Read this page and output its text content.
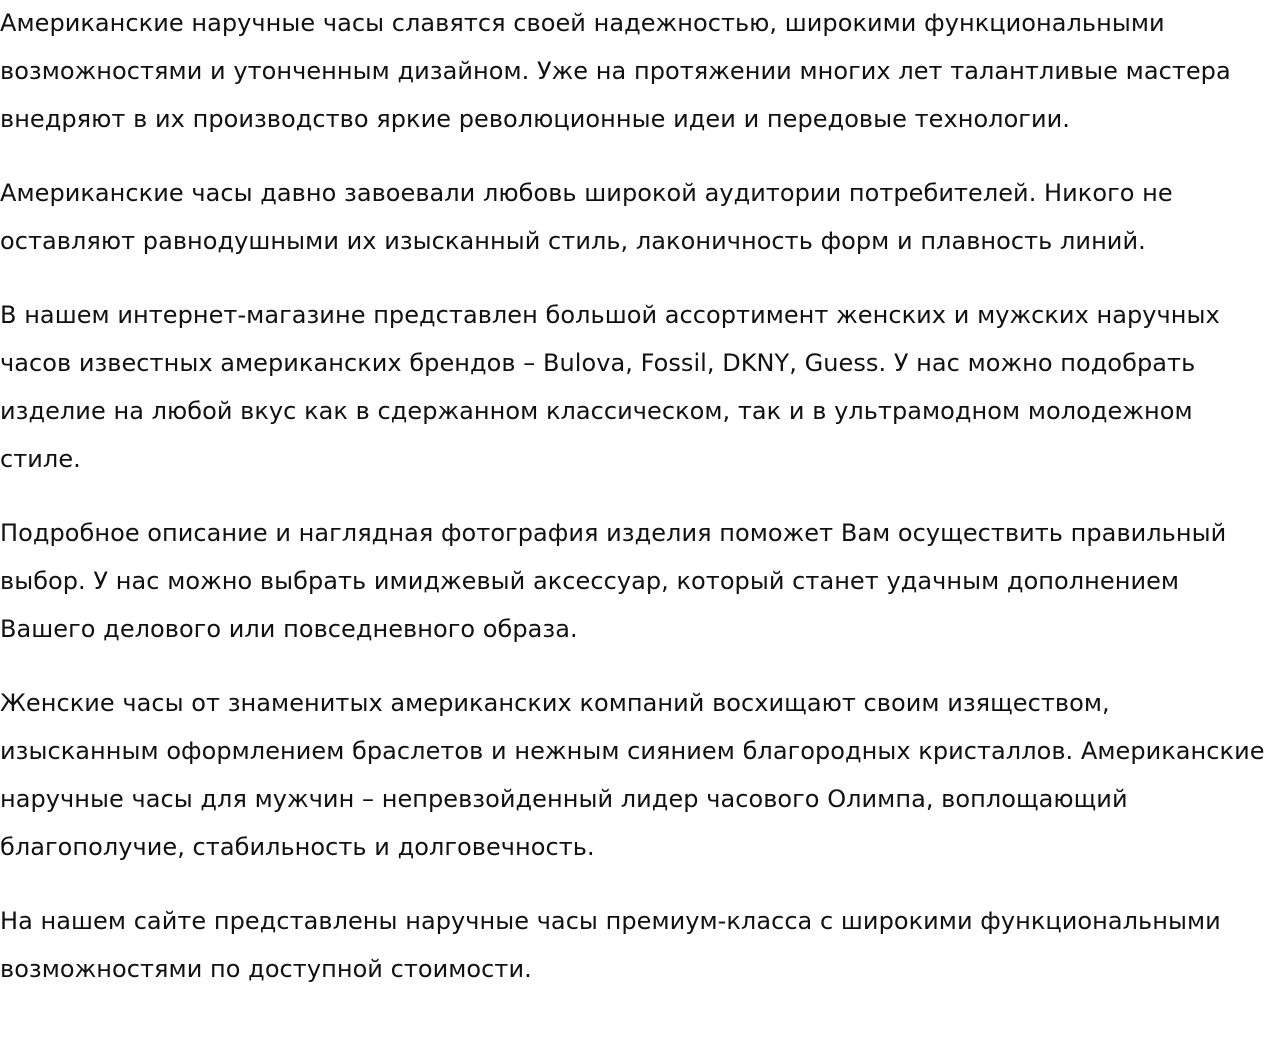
Американские наручные часы славятся своей надежностью, широкими функциональными возможностями и утонченным дизайном. Уже на протяжении многих лет талантливые мастера внедряют в их производство яркие революционные идеи и передовые технологии.

Американские часы давно завоевали любовь широкой аудитории потребителей. Никого не оставляют равнодушными их изысканный стиль, лаконичность форм и плавность линий.

В нашем интернет-магазине представлен большой ассортимент женских и мужских наручных часов известных американских брендов – Bulova, Fossil, DKNY, Guess. У нас можно подобрать изделие на любой вкус как в сдержанном классическом, так и в ультрамодном молодежном стиле.

Подробное описание и наглядная фотография изделия поможет Вам осуществить правильный выбор. У нас можно выбрать имиджевый аксессуар, который станет удачным дополнением Вашего делового или повседневного образа.

Женские часы от знаменитых американских компаний восхищают своим изяществом, изысканным оформлением браслетов и нежным сиянием благородных кристаллов. Американские наручные часы для мужчин – непревзойденный лидер часового Олимпа, воплощающий благополучие, стабильность и долговечность.

На нашем сайте представлены наручные часы премиум-класса с широкими функциональными возможностями по доступной стоимости.
